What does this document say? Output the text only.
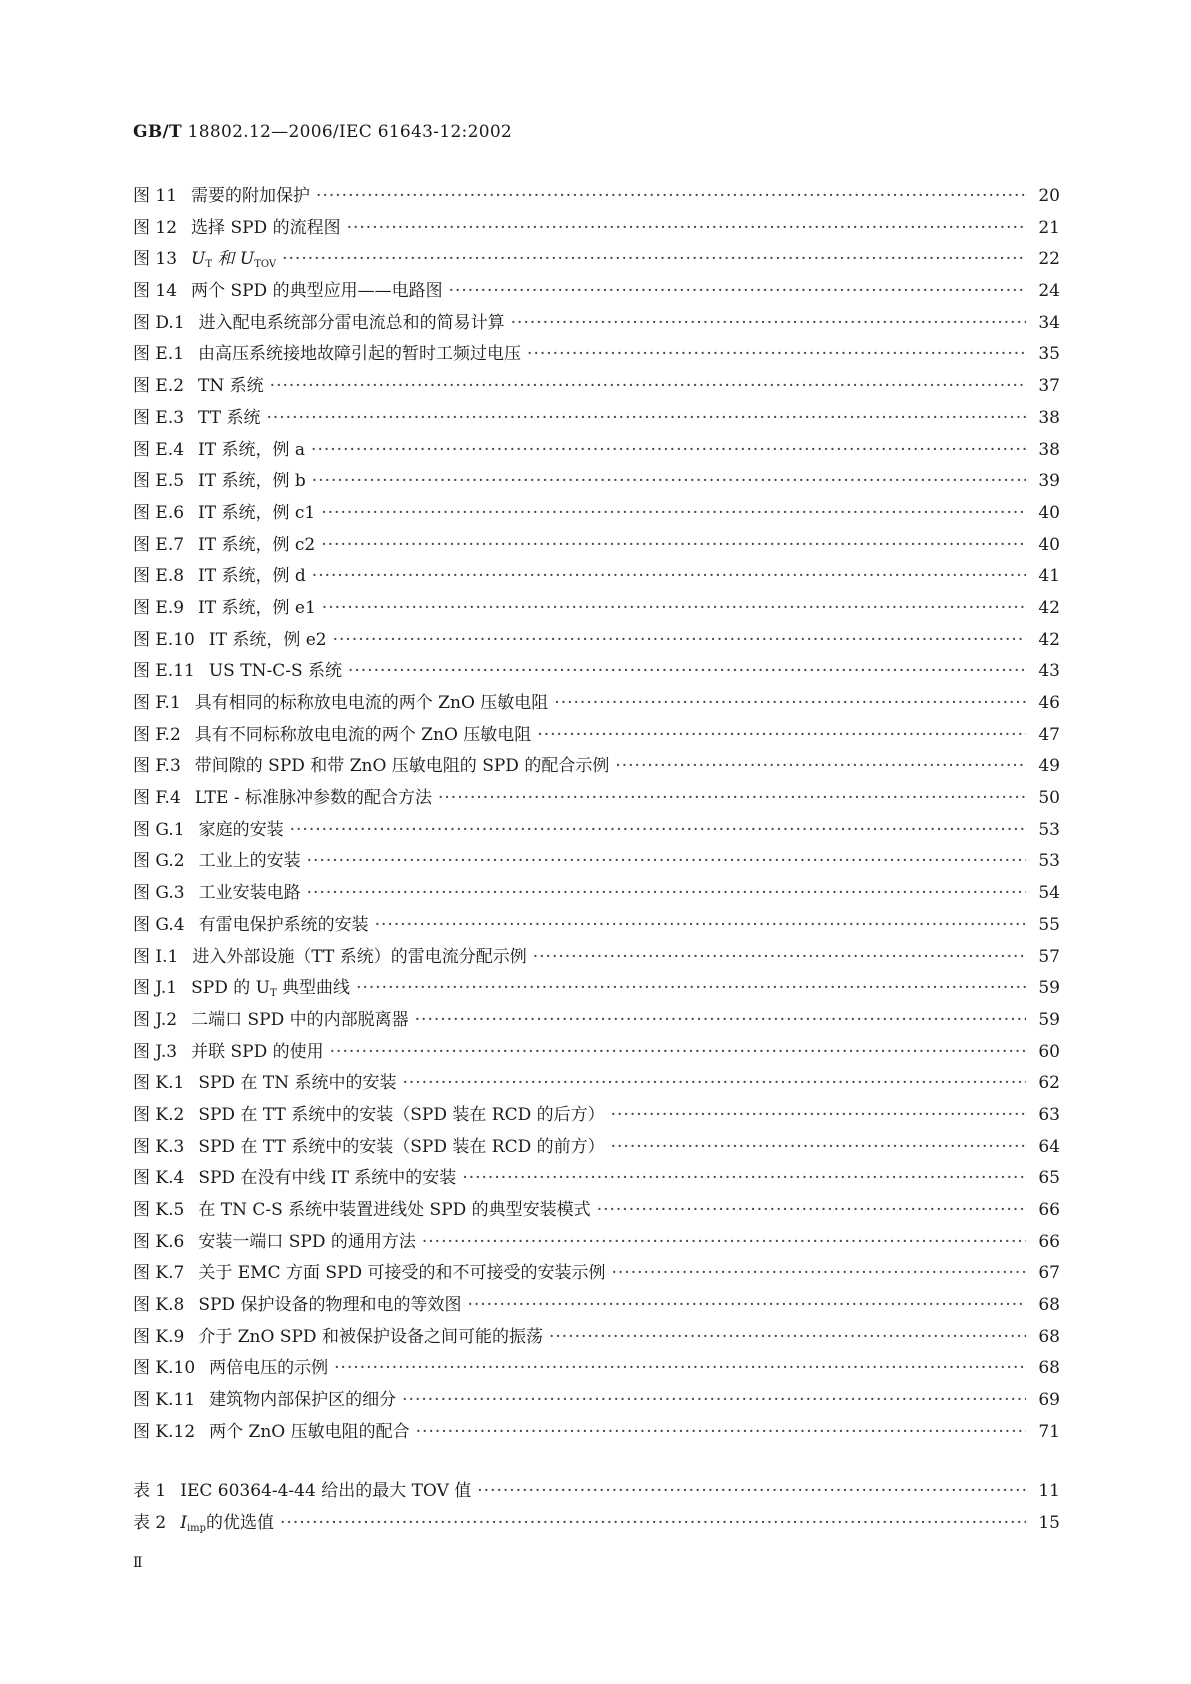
GB/T 18802.12—2006/IEC 61643-12:2002
图 11 需要的附加保护 ·····	20
图 12 选择 SPD 的流程图 ·····	21
图 13 $U_T$ 和 $U_{TOV}$ ·····	22
图 14 两个 SPD 的典型应用——电路图 ·····	24
图 D.1 进入配电系统部分雷电流总和的简易计算 ·····	34
图 E.1 由高压系统接地故障引起的暂时工频过电压 ·····	35
图 E.2 TN 系统 ·····	37
图 E.3 TT 系统 ·····	38
图 E.4 IT 系统，例 a ·····	38
图 E.5 IT 系统，例 b ·····	39
图 E.6 IT 系统，例 c1 ·····	40
图 E.7 IT 系统，例 c2 ·····	40
图 E.8 IT 系统，例 d ·····	41
图 E.9 IT 系统，例 e1 ·····	42
图 E.10 IT 系统，例 e2 ·····	42
图 E.11 US TN-C-S 系统 ·····	43
图 F.1 具有相同的标称放电电流的两个 ZnO 压敏电阻 ·····	46
图 F.2 具有不同标称放电电流的两个 ZnO 压敏电阻 ·····	47
图 F.3 带间隙的 SPD 和带 ZnO 压敏电阻的 SPD 的配合示例 ·····	49
图 F.4 LTE - 标准脉冲参数的配合方法 ·····	50
图 G.1 家庭的安装 ·····	53
图 G.2 工业上的安装 ·····	53
图 G.3 工业安装电路 ·····	54
图 G.4 有雷电保护系统的安装 ·····	55
图 I.1 进入外部设施（TT 系统）的雷电流分配示例 ·····	57
图 J.1 SPD 的 $U_T$ 典型曲线 ·····	59
图 J.2 二端口 SPD 中的内部脱离器 ·····	59
图 J.3 并联 SPD 的使用 ·····	60
图 K.1 SPD 在 TN 系统中的安装 ·····	62
图 K.2 SPD 在 TT 系统中的安装（SPD 装在 RCD 的后方） ·····	63
图 K.3 SPD 在 TT 系统中的安装（SPD 装在 RCD 的前方） ·····	64
图 K.4 SPD 在没有中线 IT 系统中的安装 ·····	65
图 K.5 在 TN C-S 系统中装置进线处 SPD 的典型安装模式 ·····	66
图 K.6 安装一端口 SPD 的通用方法 ·····	66
图 K.7 关于 EMC 方面 SPD 可接受的和不可接受的安装示例 ·····	67
图 K.8 SPD 保护设备的物理和电的等效图 ·····	68
图 K.9 介于 ZnO SPD 和被保护设备之间可能的振荡 ·····	68
图 K.10 两倍电压的示例 ·····	68
图 K.11 建筑物内部保护区的细分 ·····	69
图 K.12 两个 ZnO 压敏电阻的配合 ·····	71
表 1 IEC 60364-4-44 给出的最大 TOV 值 ·····	11
表 2 $I_{imp}$的优选值 ·····	15
Ⅱ
